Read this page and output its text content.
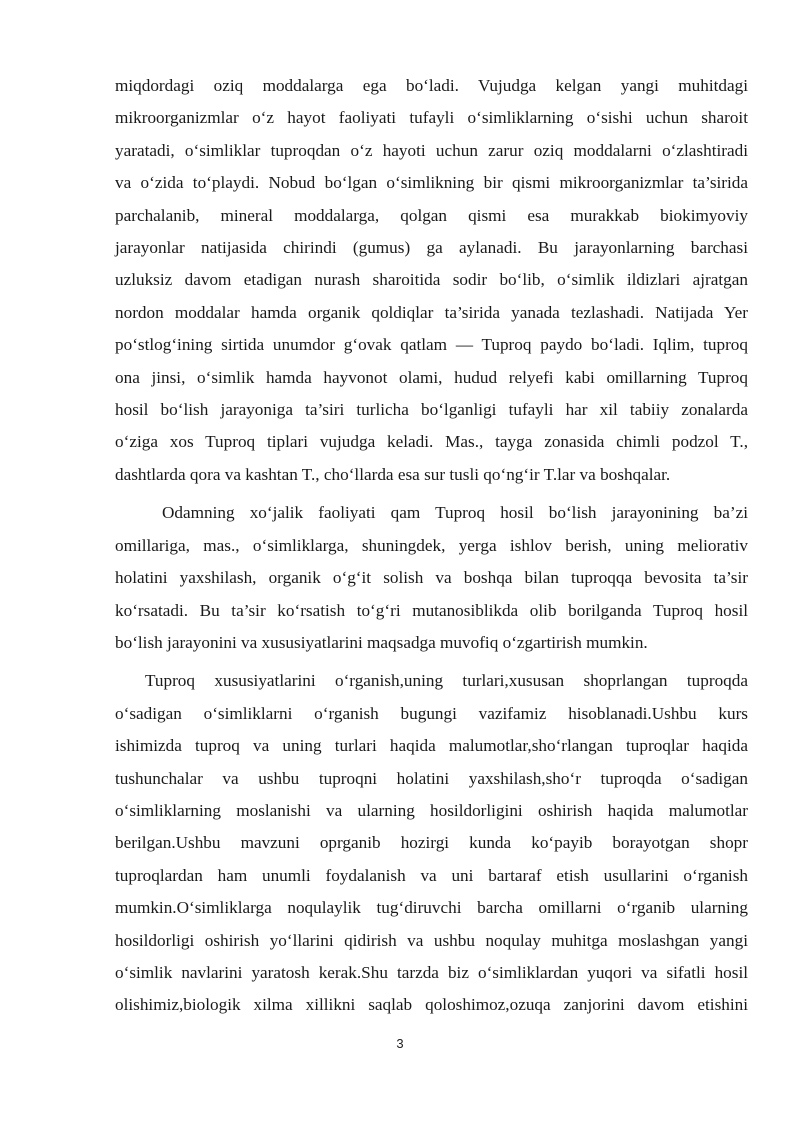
miqdordagi oziq moddalarga ega bo‘ladi. Vujudga kelgan yangi muhitdagi
mikroorganizmlar o‘z hayot faoliyati tufayli o‘simliklarning o‘sishi uchun sharoit
yaratadi, o‘simliklar tuproqdan o‘z hayoti uchun zarur oziq moddalarni o‘zlashtiradi
va o‘zida to‘playdi. Nobud bo‘lgan o‘simlikning bir qismi mikroorganizmlar ta’sirida
parchalanib, mineral moddalarga, qolgan qismi esa murakkab biokimyoviy
jarayonlar natijasida chirindi (gumus) ga aylanadi. Bu jarayonlarning barchasi
uzluksiz davom etadigan nurash sharoitida sodir bo‘lib, o‘simlik ildizlari ajratgan
nordon moddalar hamda organik qoldiqlar ta’sirida yanada tezlashadi. Natijada Yer
po‘stlog‘ining sirtida unumdor g‘ovak qatlam — Tuproq paydo bo‘ladi. Iqlim, tuproq
ona jinsi, o‘simlik hamda hayvonot olami, hudud relyefi kabi omillarning Tuproq
hosil bo‘lish jarayoniga ta’siri turlicha bo‘lganligi tufayli har xil tabiiy zonalarda
o‘ziga xos Tuproq tiplari vujudga keladi. Mas., tayga zonasida chimli podzol T.,
dashtlarda qora va kashtan T., cho‘llarda esa sur tusli qo‘ng‘ir T.lar va boshqalar.
Odamning xo‘jalik faoliyati qam Tuproq hosil bo‘lish jarayonining ba’zi
omillariga, mas., o‘simliklarga, shuningdek, yerga ishlov berish, uning meliorativ
holatini yaxshilash, organik o‘g‘it solish va boshqa bilan tuproqqa bevosita ta’sir
ko‘rsatadi. Bu ta’sir ko‘rsatish to‘g‘ri mutanosiblikda olib borilganda Tuproq hosil
bo‘lish jarayonini va xususiyatlarini maqsadga muvofiq o‘zgartirish mumkin.
Tuproq xususiyatlarini o‘rganish,uning turlari,xususan shoprlangan tuproqda
o‘sadigan o‘simliklarni o‘rganish bugungi vazifamiz hisoblanadi.Ushbu kurs
ishimizda tuproq va uning turlari haqida malumotlar,sho‘rlangan tuproqlar haqida
tushunchalar va ushbu tuproqni holatini yaxshilash,sho‘r tuproqda o‘sadigan
o‘simliklarning moslanishi va ularning hosildorligini oshirish haqida malumotlar
berilgan.Ushbu mavzuni oprganib hozirgi kunda ko‘payib borayotgan shopr
tuproqlardan ham unumli foydalanish va uni bartaraf etish usullarini o‘rganish
mumkin.O‘simliklarga noqulaylik tug‘diruvchi barcha omillarni o‘rganib ularning
hosildorligi oshirish yo‘llarini qidirish va ushbu noqulay muhitga moslashgan yangi
o‘simlik navlarini yaratosh kerak.Shu tarzda biz o‘simliklardan yuqori va sifatli hosil
olishimiz,biologik xilma xillikni saqlab qoloshimoz,ozuqa zanjorini davom etishini
3
